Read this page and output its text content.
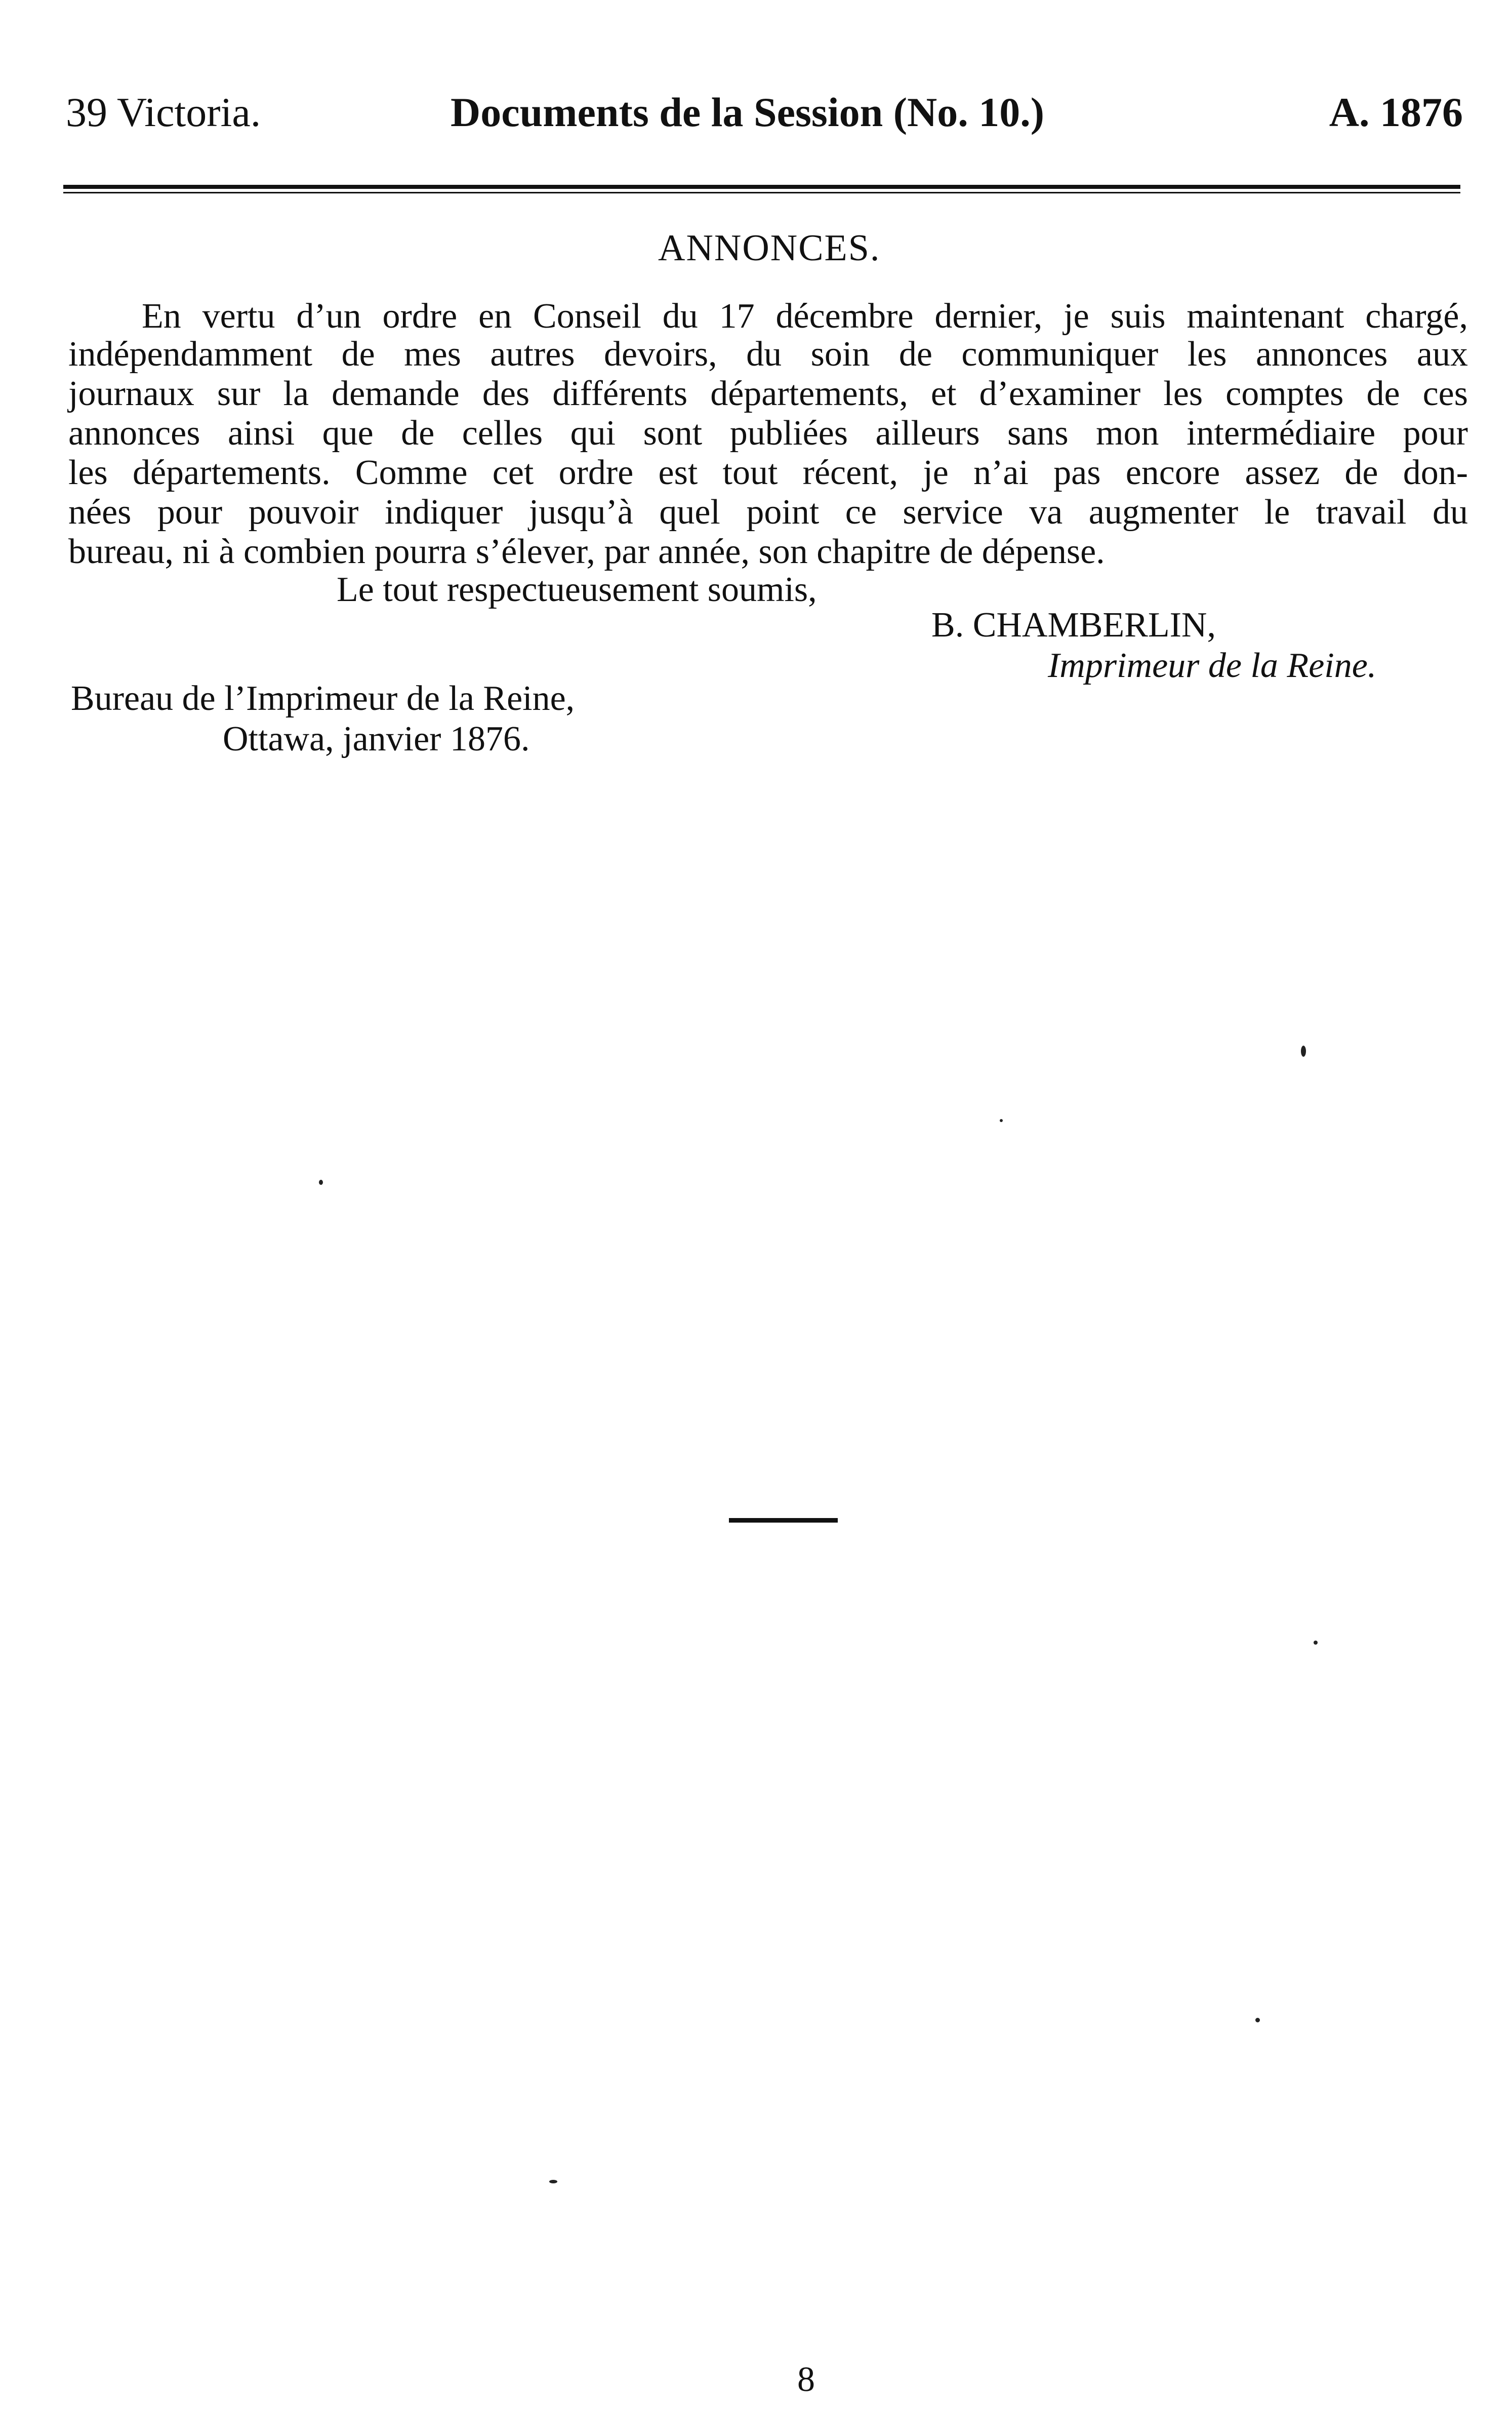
39 Victoria.	Documents de la Session (No. 10.)	A. 1876
ANNONCES.
En vertu d’un ordre en Conseil du 17 décembre dernier, je suis maintenant chargé,
indépendamment de mes autres devoirs, du soin de communiquer les annonces aux
journaux sur la demande des différents départements, et d’examiner les comptes de ces
annonces ainsi que de celles qui sont publiées ailleurs sans mon intermédiaire pour
les départements. Comme cet ordre est tout récent, je n’ai pas encore assez de don-
nées pour pouvoir indiquer jusqu’à quel point ce service va augmenter le travail du
bureau, ni à combien pourra s’élever, par année, son chapitre de dépense.
Le tout respectueusement soumis,
B. CHAMBERLIN,
Imprimeur de la Reine.
Bureau de l’Imprimeur de la Reine,
Ottawa, janvier 1876.
8
